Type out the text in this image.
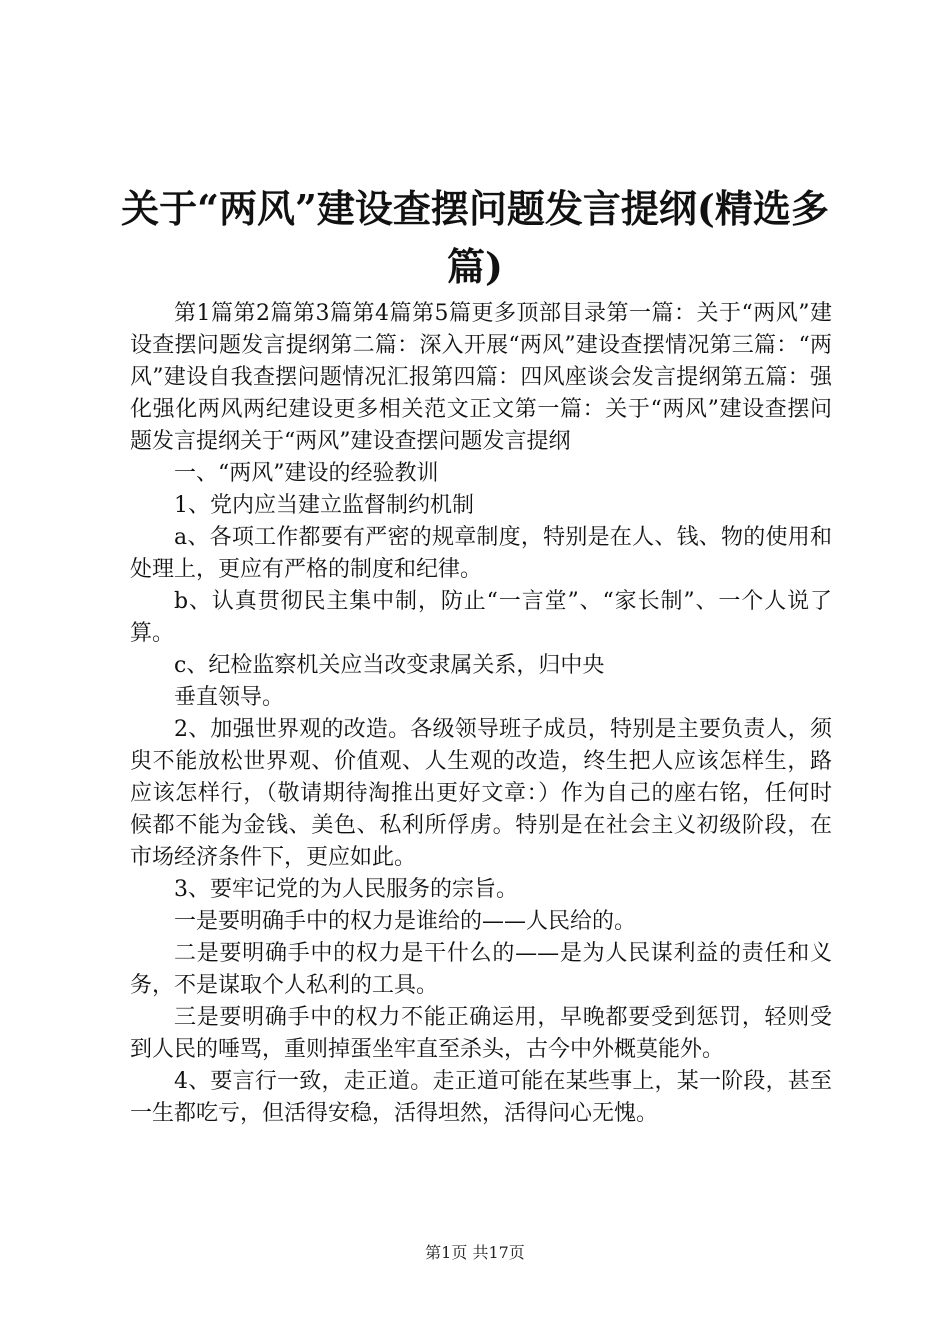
关于“两风”建设查摆问题发言提纲(精选多篇)

第1篇第2篇第3篇第4篇第5篇更多顶部目录第一篇：关于“两风”建设查摆问题发言提纲第二篇：深入开展“两风”建设查摆情况第三篇：“两风”建设自我查摆问题情况汇报第四篇：四风座谈会发言提纲第五篇：强化强化两风两纪建设更多相关范文正文第一篇：关于“两风”建设查摆问题发言提纲关于“两风”建设查摆问题发言提纲

一、“两风”建设的经验教训

1、党内应当建立监督制约机制

a、各项工作都要有严密的规章制度，特别是在人、钱、物的使用和处理上，更应有严格的制度和纪律。

b、认真贯彻民主集中制，防止“一言堂”、“家长制”、一个人说了算。

c、纪检监察机关应当改变隶属关系，归中央

垂直领导。

2、加强世界观的改造。各级领导班子成员，特别是主要负责人，须臾不能放松世界观、价值观、人生观的改造，终生把人应该怎样生，路应该怎样行，（敬请期待淘推出更好文章：）作为自己的座右铭，任何时候都不能为金钱、美色、私利所俘虏。特别是在社会主义初级阶段，在市场经济条件下，更应如此。

3、要牢记党的为人民服务的宗旨。

一是要明确手中的权力是谁给的——人民给的。

二是要明确手中的权力是干什么的——是为人民谋利益的责任和义务，不是谋取个人私利的工具。

三是要明确手中的权力不能正确运用，早晚都要受到惩罚，轻则受到人民的唾骂，重则掉蛋坐牢直至杀头，古今中外概莫能外。

4、要言行一致，走正道。走正道可能在某些事上，某一阶段，甚至一生都吃亏，但活得安稳，活得坦然，活得问心无愧。

第1页 共17页
